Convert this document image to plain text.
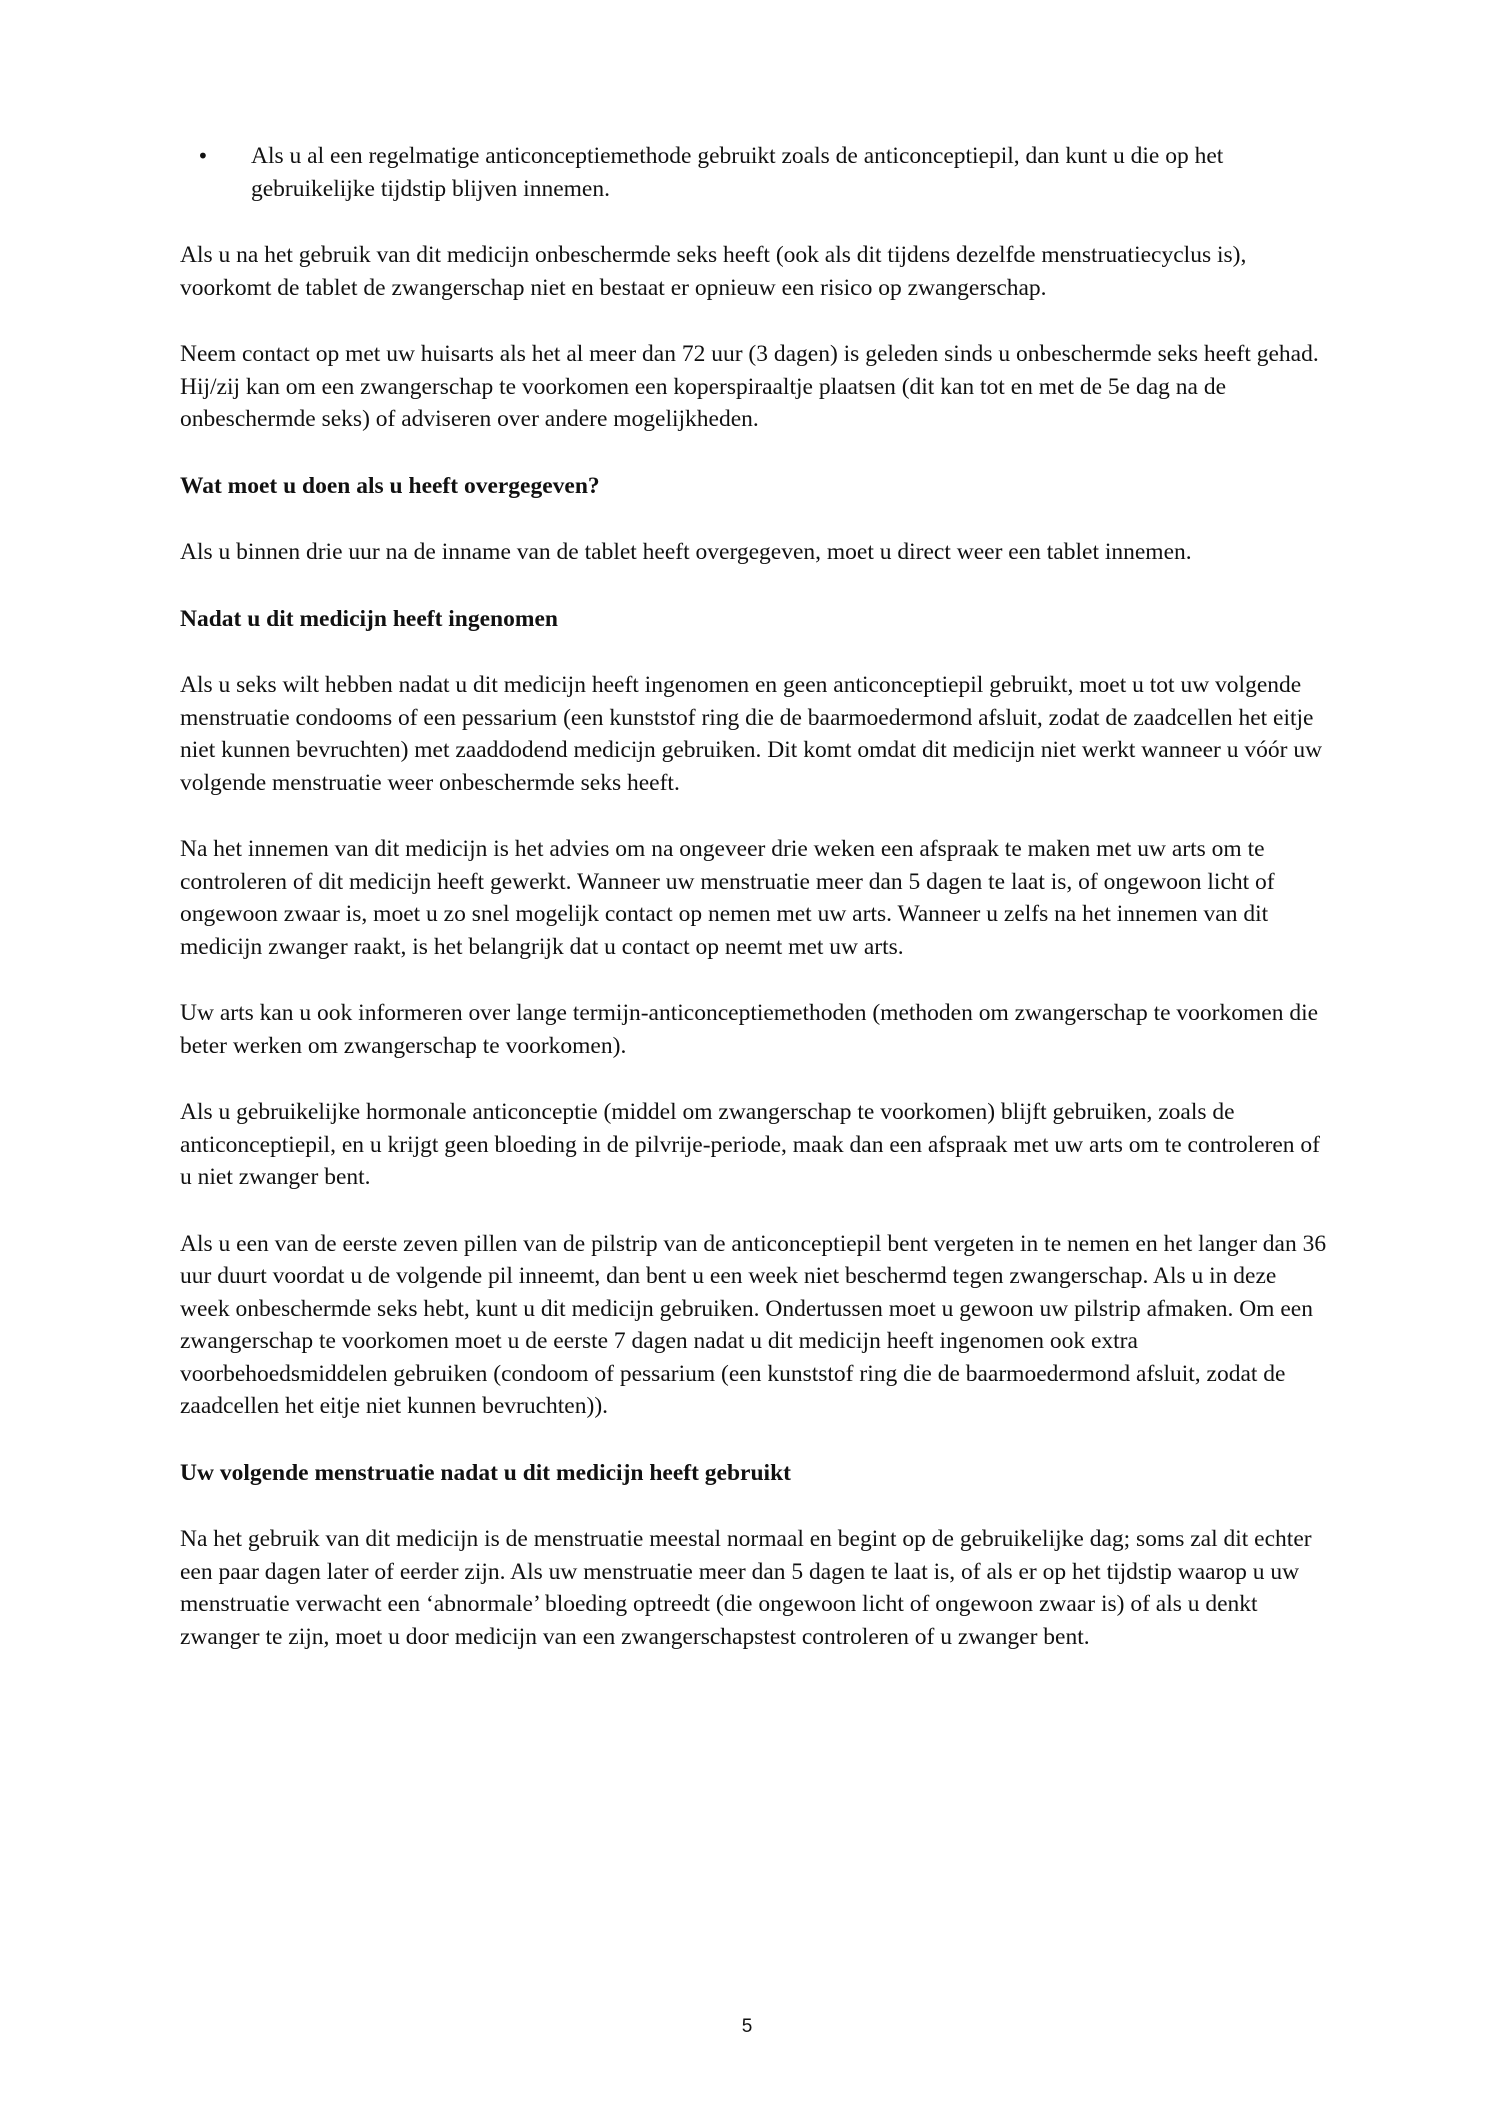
• Als u al een regelmatige anticonceptiemethode gebruikt zoals de anticonceptiepil, dan kunt u die op het gebruikelijke tijdstip blijven innemen.

Als u na het gebruik van dit medicijn onbeschermde seks heeft (ook als dit tijdens dezelfde menstruatiecyclus is), voorkomt de tablet de zwangerschap niet en bestaat er opnieuw een risico op zwangerschap.

Neem contact op met uw huisarts als het al meer dan 72 uur (3 dagen) is geleden sinds u onbeschermde seks heeft gehad. Hij/zij kan om een zwangerschap te voorkomen een koperspiraaltje plaatsen (dit kan tot en met de 5e dag na de onbeschermde seks) of adviseren over andere mogelijkheden.

Wat moet u doen als u heeft overgegeven?

Als u binnen drie uur na de inname van de tablet heeft overgegeven, moet u direct weer een tablet innemen.

Nadat u dit medicijn heeft ingenomen

Als u seks wilt hebben nadat u dit medicijn heeft ingenomen en geen anticonceptiepil gebruikt, moet u tot uw volgende menstruatie condooms of een pessarium (een kunststof ring die de baarmoedermond afsluit, zodat de zaadcellen het eitje niet kunnen bevruchten) met zaaddodend medicijn gebruiken. Dit komt omdat dit medicijn niet werkt wanneer u vóór uw volgende menstruatie weer onbeschermde seks heeft.

Na het innemen van dit medicijn is het advies om na ongeveer drie weken een afspraak te maken met uw arts om te controleren of dit medicijn heeft gewerkt. Wanneer uw menstruatie meer dan 5 dagen te laat is, of ongewoon licht of ongewoon zwaar is, moet u zo snel mogelijk contact op nemen met uw arts. Wanneer u zelfs na het innemen van dit medicijn zwanger raakt, is het belangrijk dat u contact op neemt met uw arts.

Uw arts kan u ook informeren over lange termijn-anticonceptiemethoden (methoden om zwangerschap te voorkomen die beter werken om zwangerschap te voorkomen).

Als u gebruikelijke hormonale anticonceptie (middel om zwangerschap te voorkomen) blijft gebruiken, zoals de anticonceptiepil, en u krijgt geen bloeding in de pilvrije-periode, maak dan een afspraak met uw arts om te controleren of u niet zwanger bent.

Als u een van de eerste zeven pillen van de pilstrip van de anticonceptiepil bent vergeten in te nemen en het langer dan 36 uur duurt voordat u de volgende pil inneemt, dan bent u een week niet beschermd tegen zwangerschap. Als u in deze week onbeschermde seks hebt, kunt u dit medicijn gebruiken. Ondertussen moet u gewoon uw pilstrip afmaken. Om een zwangerschap te voorkomen moet u de eerste 7 dagen nadat u dit medicijn heeft ingenomen ook extra voorbehoedsmiddelen gebruiken (condoom of pessarium (een kunststof ring die de baarmoedermond afsluit, zodat de zaadcellen het eitje niet kunnen bevruchten)).

Uw volgende menstruatie nadat u dit medicijn heeft gebruikt

Na het gebruik van dit medicijn is de menstruatie meestal normaal en begint op de gebruikelijke dag; soms zal dit echter een paar dagen later of eerder zijn. Als uw menstruatie meer dan 5 dagen te laat is, of als er op het tijdstip waarop u uw menstruatie verwacht een ‘abnormale’ bloeding optreedt (die ongewoon licht of ongewoon zwaar is) of als u denkt zwanger te zijn, moet u door medicijn van een zwangerschapstest controleren of u zwanger bent.

5
